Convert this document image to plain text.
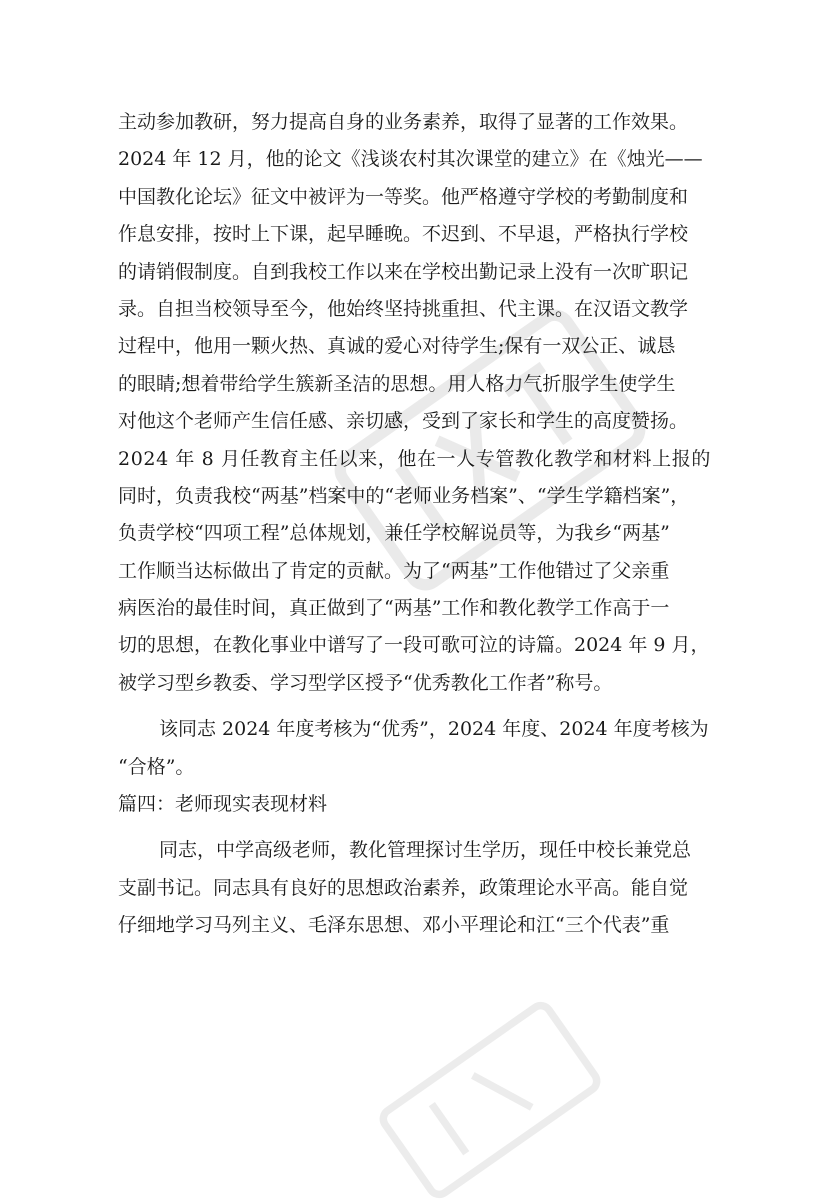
主动参加教研，努力提高自身的业务素养，取得了显著的工作效果。
2024 年 12 月，他的论文《浅谈农村其次课堂的建立》在《烛光——
中国教化论坛》征文中被评为一等奖。他严格遵守学校的考勤制度和
作息安排，按时上下课，起早睡晚。不迟到、不早退，严格执行学校
的请销假制度。自到我校工作以来在学校出勤记录上没有一次旷职记
录。自担当校领导至今，他始终坚持挑重担、代主课。在汉语文教学
过程中，他用一颗火热、真诚的爱心对待学生;保有一双公正、诚恳
的眼睛;想着带给学生簇新圣洁的思想。用人格力气折服学生使学生
对他这个老师产生信任感、亲切感，受到了家长和学生的高度赞扬。
2024 年 8 月任教育主任以来，他在一人专管教化教学和材料上报的
同时，负责我校“两基”档案中的“老师业务档案”、“学生学籍档案”，
负责学校“四项工程”总体规划，兼任学校解说员等，为我乡“两基”
工作顺当达标做出了肯定的贡献。为了“两基”工作他错过了父亲重
病医治的最佳时间，真正做到了“两基”工作和教化教学工作高于一
切的思想，在教化事业中谱写了一段可歌可泣的诗篇。2024 年 9 月，
被学习型乡教委、学习型学区授予“优秀教化工作者”称号。
该同志 2024 年度考核为“优秀”，2024 年度、2024 年度考核为
“合格”。
篇四：老师现实表现材料
同志，中学高级老师，教化管理探讨生学历，现任中校长兼党总
支副书记。同志具有良好的思想政治素养，政策理论水平高。能自觉
仔细地学习马列主义、毛泽东思想、邓小平理论和江“三个代表”重
